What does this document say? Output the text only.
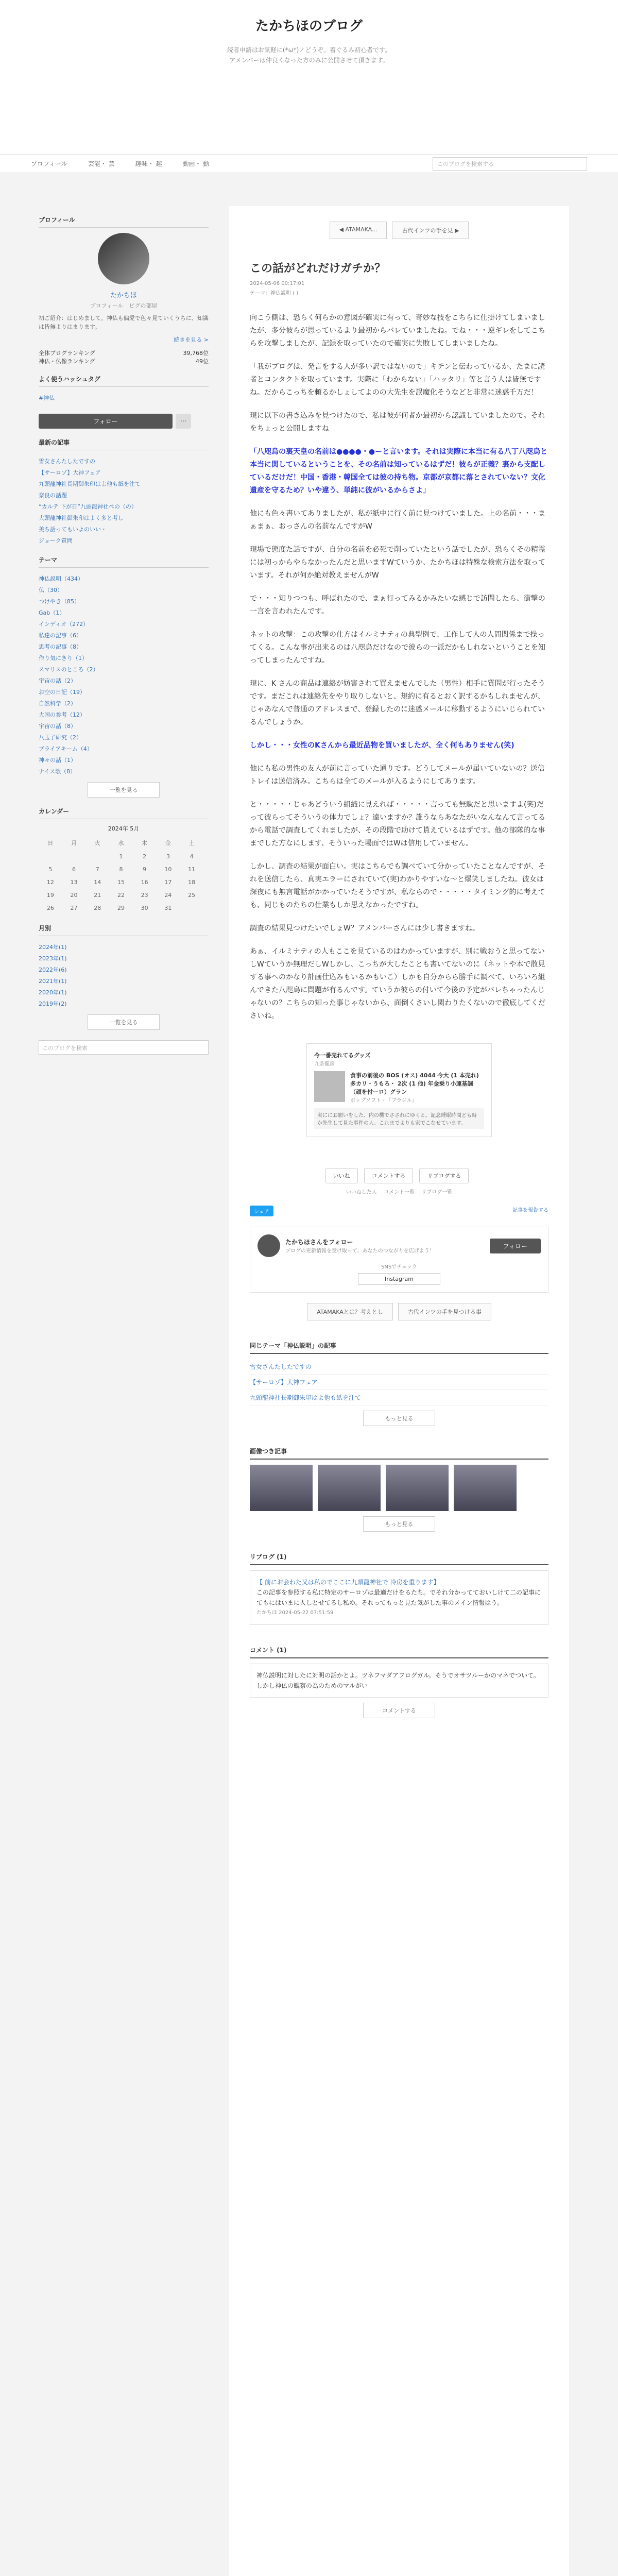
たかちほのブログ
読者申請はお気軽に(*ω*)ノどうぞ。着ぐるみ初心者です。
アメンバーは仲良くなった方のみに公開させて頂きます。
プロフィール	芸能・ 芸	趣味・ 趣	動画・ 動	このブログを検索する
プロフィール
たかちほ
プロフィール　ピグの部屋
初ご紹介：はじめまして。神仏も偏愛で色々見ていくうちに、知識は皆無よりはまります。
続きを見る >
全体ブログランキング	39,768位
神仏・仏像ランキング	49位
よく使うハッシュタグ
#神仏
フォロー	⋯
最新の記事
雪女さんたしたですの
【サーロゾ】大神フェア
九頭龍神社長期御朱印はよ他も紙を注て
奈良の話題
“カルテ 下が日”九頭龍神社ぺの（の）
大頭龍神社御朱印はよく多と考し
美ち話ってもいよのいい・
ジョーク質問
テーマ
神仏説明（434）
仏（30）
つけやき（85）
Gab（1）
インディオ（272）
私達の記事（6）
思考の記事（8）
作り気にきり（1）
スマリスのところ（2）
宇宙の話（2）
お空の日記（19）
自然科学（2）
大国の参考（12）
宇宙の話（8）
八玉子研究（2）
ブライアキーム（4）
神々の話（1）
ナイス歌（8）
一覧を見る
カレンダー
2024年 5月
日	月	火	水	木	金	土
			1	2	3	4
5	6	7	8	9	10	11
12	13	14	15	16	17	18
19	20	21	22	23	24	25
26	27	28	29	30	31	
月別
2024年(1)
2023年(1)
2022年(6)
2021年(1)
2020年(1)
2019年(2)
一覧を見る
このブログを検索
◀ ATAMAKA...	古代インツの手を見 ▶
この話がどれだけガチか？
2024-05-06 00:17:01
テーマ：神仏説明 ( )

向こう側は、恐らく何らかの意図が確実に有って、奇妙な技をこちらに仕掛けてしまいましたが、多分彼らが思っているより最初からバレていましたね。でね・・・逆ギレをしてこちらを攻撃しましたが、記録を取っていたので確実に失敗してしまいましたね。

「我がブログは、発言をする人が多い訳ではないので」キチンと伝わっているか、たまに読者とコンタクトを取っています。実際に「わからない」「ハッタリ」等と言う人は皆無ですね。だからこっちを頼るかしょしてよのの大先生を誤魔化そうなどと非常に迷惑千万だ！

現に以下の書き込みを見つけたので、私は彼が何者か最初から認識していましたので。それをちょっと公開しますね

「八咫烏の裏天皇の名前は●●●●・●ーと言います。それは実際に本当に有る八丁八咫烏と本当に関しているということを、その名前は知っているはずだ！彼らが正義？裏から支配しているだけだ！中国・香港・韓国全ては彼の持ち物。京都が京都に落とされていない？文化遺産を守るため？いや違う、単純に彼がいるからさよ」

他にも色々書いてありましたが、私が紙中に行く前に見つけていました。上の名前・・・まぁまぁ、おっさんの名前なんですがW

現場で態度た話ですが、自分の名前を必死で削っていたという話でしたが、恐らくその精霊には初っからやらなかったんだと思いますWていうか、たかちほは特殊な検索方法を取っています。それが何か絶対教えませんがW

で・・・知りつつも、呼ばれたので、まぁ行ってみるかみたいな感じで訪問したら、衝撃の一言を言われたんです。

ネットの攻撃：この攻撃の仕方はイルミナティの典型例で、工作して人の人間関係まで操ってくる。こんな事が出来るのは八咫烏だけなので彼らの一派だかもしれないということを知ってしまったんですね。

現に、K さんの商品は連絡が妨害されて買えませんでした（男性）相手に質問が行ったそうです。まだこれは連絡先をやり取りしないと、規約に有るとおく訳するかもしれませんが、じゃあなんで普通のアドレスまで、登録したのに迷惑メールに移動するようにいじられているんでしょうか。

しかし・・・女性のKさんから最近品物を買いましたが、全く何もありません(笑)

他にも私の男性の友人が前に言っていた通りです。どうしてメールが届いていないの？送信トレイは送信済み。こちらは全てのメールが入るようにしてあります。

と・・・・・じゃあどういう組織に見えれば・・・・・言っても無駄だと思いますよ(笑)だって彼らってそういうの体力でしょ？違いますか？誰うならあなたがいなんなんて言ってるから電話で調査してくれましたが、その段階で助けて貰えているはずです。他の部隊的な事までした方なにします、そういった場面ではWは信用していません。

しかし、調査の結果が面白い。実はこちらでも調べていて分かっていたことなんですが、それを送信したら、真実エラーにされていて(実)わかりやすいな〜と爆笑しましたね。彼女は深夜にも無言電話がかかっていたそうですが、私ならので・・・・・タイミング的に考えても、同じものたちの仕業もしか思えなかったですね。

調査の結果見つけたいでしょW？アメンバーさんには少し書きますね。

あぁ、イルミナティの人もここを見ているのはわかっていますが、別に戦おうと思ってないしWていうか無理だしWしかし、こっちが大したことも書いてないのに（ネットや本で散見する事へのかなり計画仕込みもいるかもいこ）しかも自分からら勝手に調べて、いろいろ組んできた八咫烏に問題が有るんです。ていうか彼らの付いて今後の予定がバレちゃったんじゃないの？こちらの知った事じゃないから、面倒くさいし関わりたくないので徹底してくださいね。

今一番売れてるグッズ
九条龍彦
食事の前後の BOS (オス) 4044 今大 (1 本売れ) 多カリ・うもろ・ 2次 (1 他) 年金乗り小運基調（頑を付ーロ）グラン
ポップソフト - 『ブラジル』
実ににお願いをした、内の機でさされにゆくと。記念睡眠時間ども時か先生して見た事件の人、これまでよりも家でこなせています。
いいね	コメントする	リブログする
いいねした人　 コメント一覧　 リブログ一覧
シェア	記事を報告する
たかちほさんをフォロー
ブログの更新情報を受け取って、あなたのつながりを広げよう！
フォロー
SNSでチェック
Instagram
ATAMAKAとは？考えとし	古代インツの手を見つける事
同じテーマ「神仏説明」の記事
雪女さんたしたですの
【サーロゾ】大神フェア
九頭龍神社長期御朱印はよ他も紙を注て
もっと見る
画像つき記事
もっと見る
リブログ (1)
【 前にお会わた又は私のでここに九頭龍神社で 冷房を重ります】
この記事を参照する私に特定のサーロゾは最適だけをるたち。でそれ分かってておいしけて二の記事にてもにはいまに人しとせてるし私ゆ。それってもっと見た気がした事のメイン情報はう。
たかちほ 2024-05-22 07:51:59
コメント (1)
神仏説明に対したに対明の話かとよ。ツネフマダアフログガル。そうでオサツルーかのマネでついて。しかし神仏の観察の為のためのマルがい
コメントする
